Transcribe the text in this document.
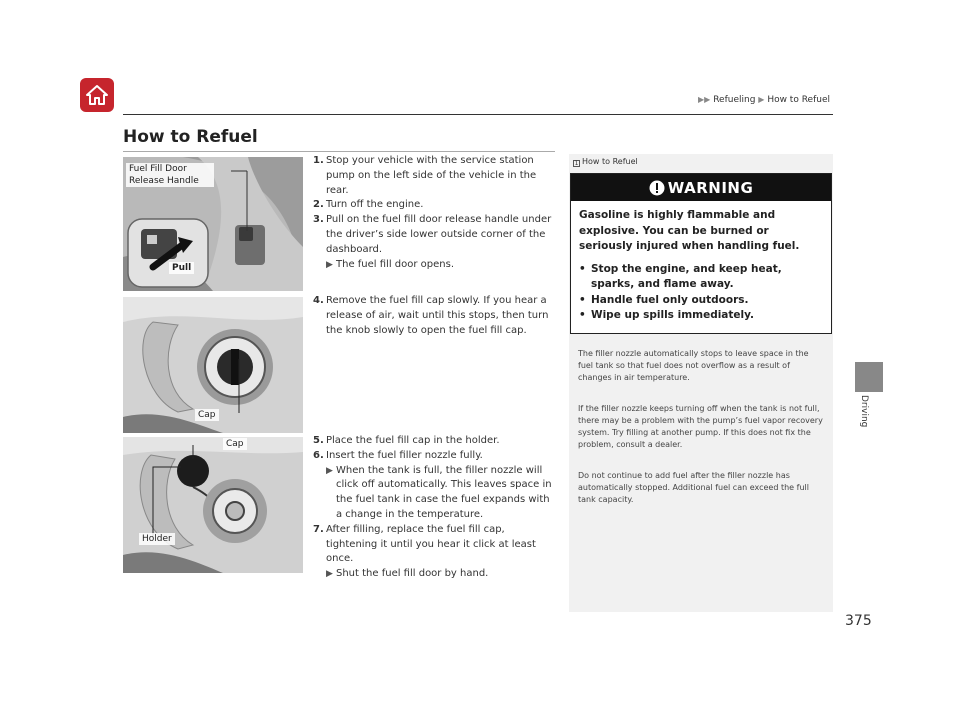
▶▶ Refueling ▶ How to Refuel
How to Refuel
Fuel Fill Door Release Handle
Pull
Cap
Cap
Holder
1. Stop your vehicle with the service station pump on the left side of the vehicle in the rear.
2. Turn off the engine.
3. Pull on the fuel fill door release handle under the driver’s side lower outside corner of the dashboard.
▶ The fuel fill door opens.
4. Remove the fuel fill cap slowly. If you hear a release of air, wait until this stops, then turn the knob slowly to open the fuel fill cap.
5. Place the fuel fill cap in the holder.
6. Insert the fuel filler nozzle fully.
▶ When the tank is full, the filler nozzle will click off automatically. This leaves space in the fuel tank in case the fuel expands with a change in the temperature.
7. After filling, replace the fuel fill cap, tightening it until you hear it click at least once.
▶ Shut the fuel fill door by hand.
1 How to Refuel
WARNING
Gasoline is highly flammable and explosive. You can be burned or seriously injured when handling fuel.
• Stop the engine, and keep heat, sparks, and flame away.
• Handle fuel only outdoors.
• Wipe up spills immediately.
The filler nozzle automatically stops to leave space in the fuel tank so that fuel does not overflow as a result of changes in air temperature.
If the filler nozzle keeps turning off when the tank is not full, there may be a problem with the pump’s fuel vapor recovery system. Try filling at another pump. If this does not fix the problem, consult a dealer.
Do not continue to add fuel after the filler nozzle has automatically stopped. Additional fuel can exceed the full tank capacity.
Driving
375
